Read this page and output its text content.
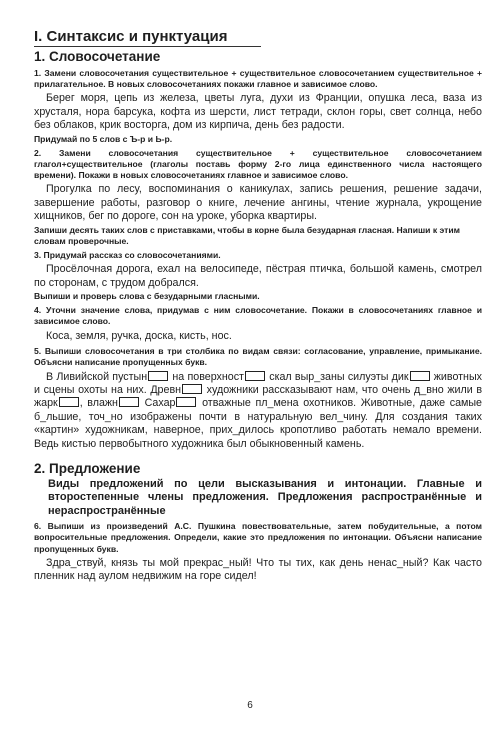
I. Синтаксис и пунктуация
1. Словосочетание
1. Замени словосочетания существительное + существительное словосочетанием существительное + прилагательное. В новых словосочетаниях покажи главное и зависимое слово.

Берег моря, цепь из железа, цветы луга, духи из Франции, опушка леса, ваза из хрусталя, нора барсука, кофта из шерсти, лист тетради, склон горы, свет солнца, небо без облаков, крик восторга, дом из кирпича, день без радости.

Придумай по 5 слов с Ъ-р и Ь-р.
2. Замени словосочетания существительное + существительное словосочетанием глагол+существительное (глаголы поставь форму 2-го лица единственного числа настоящего времени). Покажи в новых словосочетаниях главное и зависимое слово.

Прогулка по лесу, воспоминания о каникулах, запись решения, решение задачи, завершение работы, разговор о книге, лечение ангины, чтение журнала, укрощение хищников, бег по дороге, сон на уроке, уборка квартиры.

Запиши десять таких слов с приставками, чтобы в корне была безударная гласная. Напиши к этим словам проверочные.
3. Придумай рассказ со словосочетаниями.

Просёлочная дорога, ехал на велосипеде, пёстрая птичка, большой камень, смотрел по сторонам, с трудом добрался.

Выпиши и проверь слова с безударными гласными.
4. Уточни значение слова, придумав с ним словосочетание. Покажи в словосочетаниях главное и зависимое слово.

Коса, земля, ручка, доска, кисть, нос.

5. Выпиши словосочетания в три столбика по видам связи: согласование, управление, примыкание. Объясни написание пропущенных букв.

В Ливийской пустын на поверхност скал выр_заны силуэты дик животных и сцены охоты на них. Древн художники рассказывают нам, что очень д_вно жили в жарк , влажн Сахар отважные пл_мена охотников. Животные, даже самые б_льшие, точ_но изображены почти в натуральную вел_чину. Для создания таких «картин» художникам, наверное, прих_дилось кропотливо работать немало времени. Ведь кистью первобытного художника был обыкновенный камень.

2. Предложение
Виды предложений по цели высказывания и интонации. Главные и второстепенные члены предложения. Предложения распространённые и нераспространённые
6. Выпиши из произведений А.С. Пушкина повествовательные, затем побудительные, а потом вопросительные предложения. Определи, какие это предложения по интонации. Объясни написание пропущенных букв.

Здра_ствуй, князь ты мой прекрас_ный! Что ты тих, как день ненас_ный? Как часто пленник над аулом недвижим на горе сидел!

6
